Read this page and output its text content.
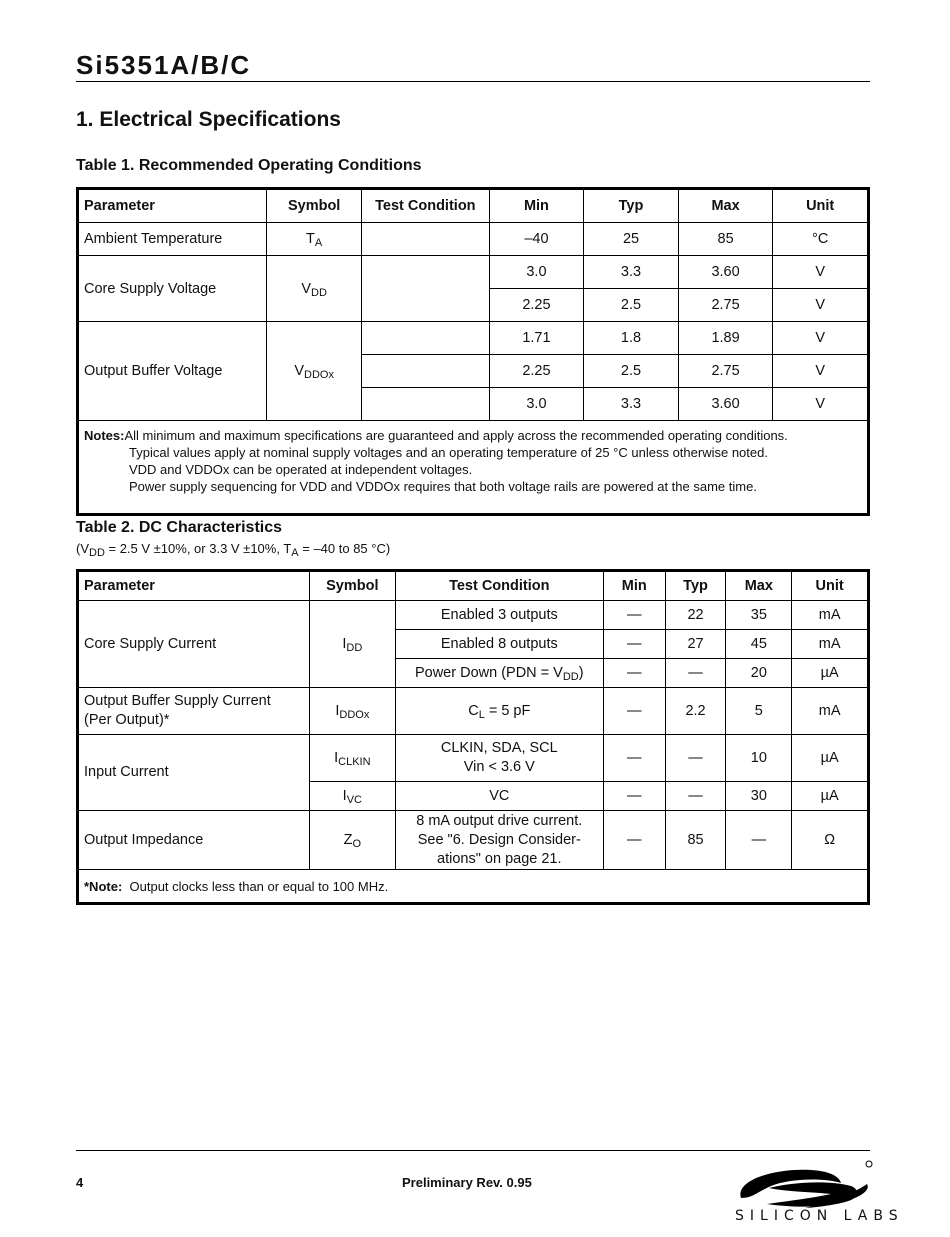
Si5351A/B/C
1. Electrical Specifications
Table 1. Recommended Operating Conditions
Parameter	Symbol	Test Condition	Min	Typ	Max	Unit
Ambient Temperature	$T_A$		–40	25	85	°C
Core Supply Voltage	$V_{DD}$		3.0	3.3	3.60	V
			2.25	2.5	2.75	V
Output Buffer Voltage	$V_{DDOx}$		1.71	1.8	1.89	V
			2.25	2.5	2.75	V
			3.0	3.3	3.60	V

Notes:All minimum and maximum specifications are guaranteed and apply across the recommended operating conditions.
Typical values apply at nominal supply voltages and an operating temperature of 25 °C unless otherwise noted.
VDD and VDDOx can be operated at independent voltages.
Power supply sequencing for VDD and VDDOx requires that both voltage rails are powered at the same time.						
Table 2. DC Characteristics
($V_{DD} = 2.5$ V ±10%, or 3.3 V ±10%, $T_A = -40$ to 85 °C)
Parameter	Symbol	Test Condition	Min	Typ	Max	Unit
Core Supply Current	$I_{DD}$	Enabled 3 outputs	—	22	35	mA
		Enabled 8 outputs	—	27	45	mA
		Power Down $(PDN = V_{DD})$	—	—	20	µA
Output Buffer Supply Current
(Per Output)*	$I_{DDOx}$	$C_L = 5$ pF	—	2.2	5	mA
Input Current	$I_{CLKIN}$	CLKIN, SDA, SCL
Vin < 3.6 V	—	—	10	µA
	$I_{VC}$	VC	—	—	30	µA
Output Impedance	$Z_O$	8 mA output drive current.
See "6. Design Consider-
ations" on page 21.	—	85	—	Ω
*Note: Output clocks less than or equal to 100 MHz.						
4	Preliminary Rev. 0.95
SILICON LABS
